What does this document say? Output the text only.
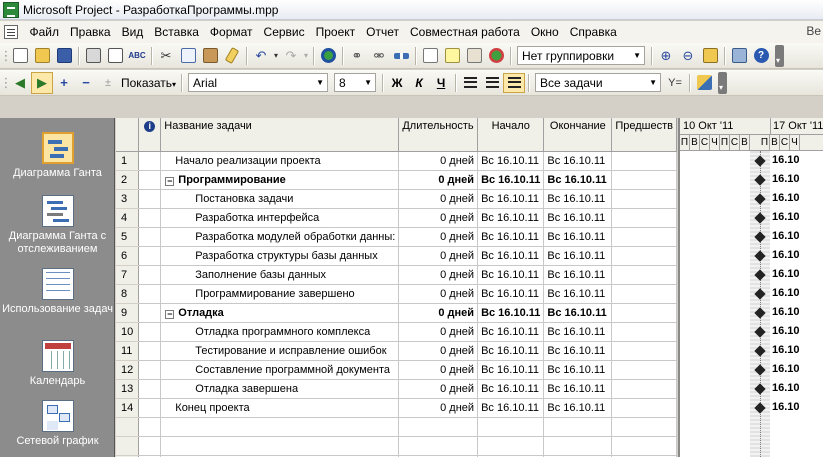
Microsoft Project - РазработкаПрограммы.mpp
Файл Правка Вид Вставка Формат Сервис Проект Отчет Совместная работа Окно Справка	Be
⋮	ABC	✂	↶ ▾ ↷ ▾	⚭ ⚮	Нет группировки ▼	⊕ ⊖	?
▾
⋮ ◀ ▶	+	−	± Показать▾ Arial	▼ 8 ▼	Ж	К	Ч	Все задачи	▼	Y=
▾
Диаграмма Ганта
Диаграмма Ганта с отслеживанием
Использование задач
Календарь
Сетевой график
	i	Название задачи	Длительность	Начало	Окончание	Предшеств
1		Начало реализации проекта	0 дней	Вс 16.10.11	Вс 16.10.11	
2		− Программирование	0 дней	Вс 16.10.11	Вс 16.10.11	
3		Постановка задачи	0 дней	Вс 16.10.11	Вс 16.10.11	
4		Разработка интерфейса	0 дней	Вс 16.10.11	Вс 16.10.11	
5		Разработка модулей обработки данны:	0 дней	Вс 16.10.11	Вс 16.10.11	
6		Разработка структуры базы данных	0 дней	Вс 16.10.11	Вс 16.10.11	
7		Заполнение базы данных	0 дней	Вс 16.10.11	Вс 16.10.11	
8		Программирование завершено	0 дней	Вс 16.10.11	Вс 16.10.11	
9		− Отладка	0 дней	Вс 16.10.11	Вс 16.10.11	
10		Отладка программного комплекса	0 дней	Вс 16.10.11	Вс 16.10.11	
11		Тестирование и исправление ошибок	0 дней	Вс 16.10.11	Вс 16.10.11	
12		Составление программной документа	0 дней	Вс 16.10.11	Вс 16.10.11	
13		Отладка завершена	0 дней	Вс 16.10.11	Вс 16.10.11	
14		Конец проекта	0 дней	Вс 16.10.11	Вс 16.10.11	

10 Окт '11	17 Окт '11
П В С Ч П С В П В С Ч
16.10
16.10
16.10
16.10
16.10
16.10
16.10
16.10
16.10
16.10
16.10
16.10
16.10
16.10
